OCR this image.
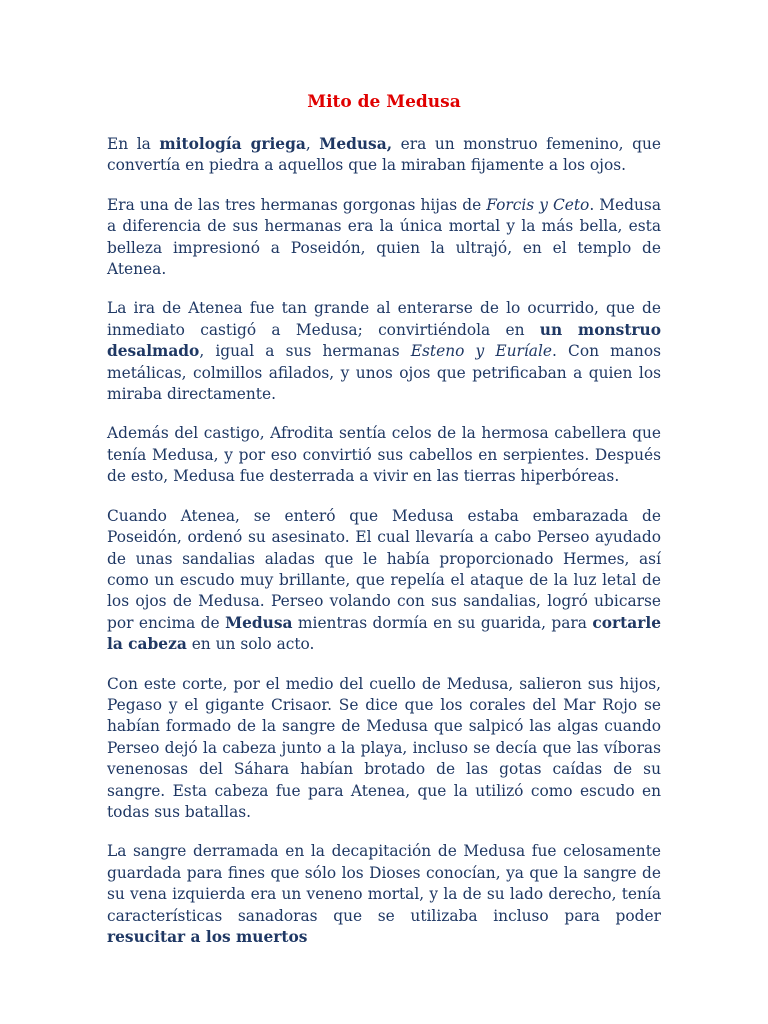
Mito de Medusa

En la mitología griega, Medusa, era un monstruo femenino, que convertía en piedra a aquellos que la miraban fijamente a los ojos.

Era una de las tres hermanas gorgonas hijas de Forcis y Ceto. Medusa a diferencia de sus hermanas era la única mortal y la más bella, esta belleza impresionó a Poseidón, quien la ultrajó, en el templo de Atenea.

La ira de Atenea fue tan grande al enterarse de lo ocurrido, que de inmediato castigó a Medusa; convirtiéndola en un monstruo desalmado, igual a sus hermanas Esteno y Euríale. Con manos metálicas, colmillos afilados, y unos ojos que petrificaban a quien los miraba directamente.

Además del castigo, Afrodita sentía celos de la hermosa cabellera que tenía Medusa, y por eso convirtió sus cabellos en serpientes. Después de esto, Medusa fue desterrada a vivir en las tierras hiperbóreas.

Cuando Atenea, se enteró que Medusa estaba embarazada de Poseidón, ordenó su asesinato. El cual llevaría a cabo Perseo ayudado de unas sandalias aladas que le había proporcionado Hermes, así como un escudo muy brillante, que repelía el ataque de la luz letal de los ojos de Medusa. Perseo volando con sus sandalias, logró ubicarse por encima de Medusa mientras dormía en su guarida, para cortarle la cabeza en un solo acto.

Con este corte, por el medio del cuello de Medusa, salieron sus hijos, Pegaso y el gigante Crisaor. Se dice que los corales del Mar Rojo se habían formado de la sangre de Medusa que salpicó las algas cuando Perseo dejó la cabeza junto a la playa, incluso se decía que las víboras venenosas del Sáhara habían brotado de las gotas caídas de su sangre. Esta cabeza fue para Atenea, que la utilizó como escudo en todas sus batallas.

La sangre derramada en la decapitación de Medusa fue celosamente guardada para fines que sólo los Dioses conocían, ya que la sangre de su vena izquierda era un veneno mortal, y la de su lado derecho, tenía características sanadoras que se utilizaba incluso para poder resucitar a los muertos
